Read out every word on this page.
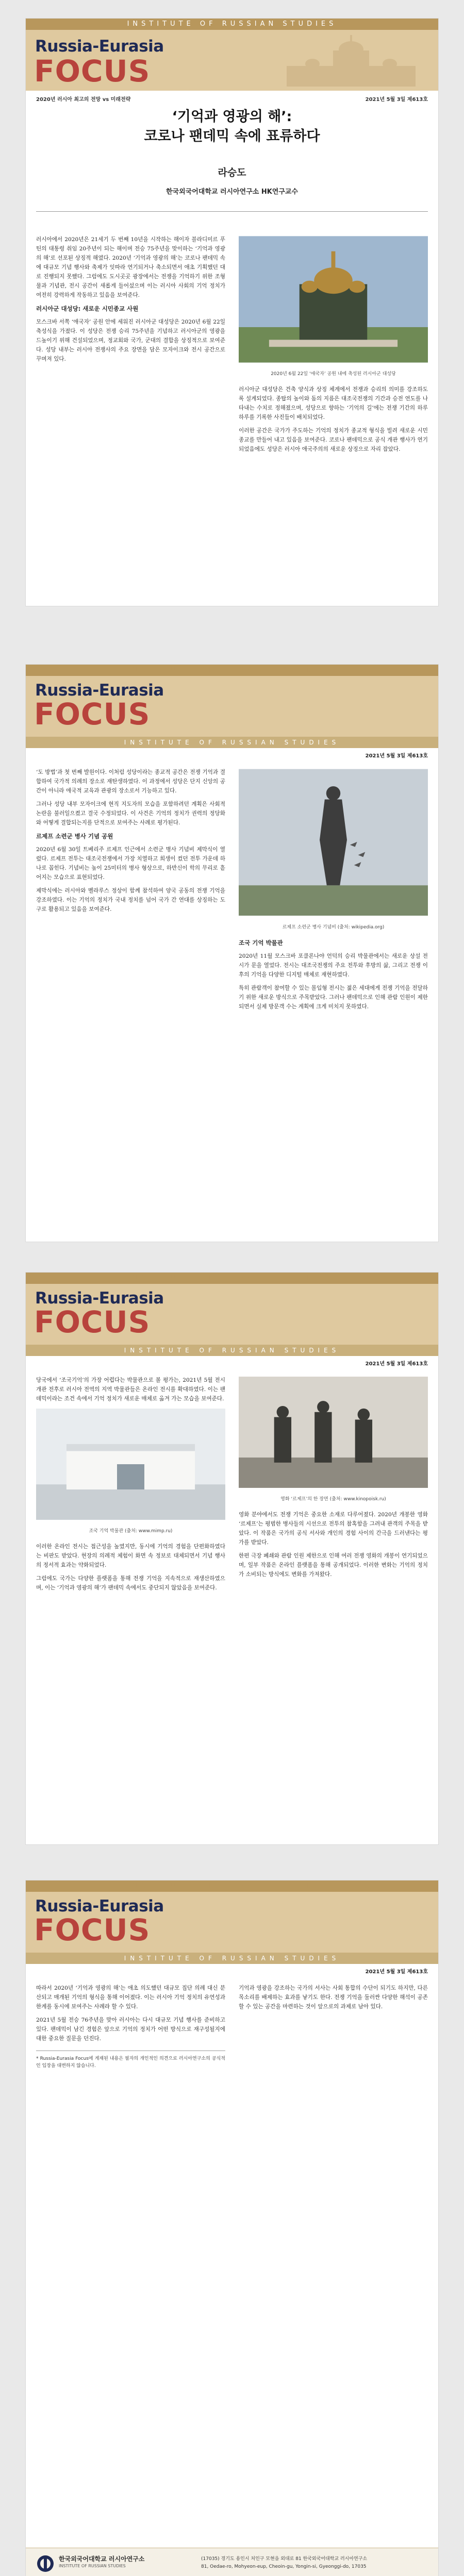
INSTITUTE OF RUSSIAN STUDIES
Russia-Eurasia
FOCUS
2020년 러시아 최고의 전망 vs 미래전략	2021년 5월 3일 제613호
‘기억과 영광의 해’:
코로나 팬데믹 속에 표류하다
라승도
한국외국어대학교 러시아연구소 HK연구교수

러시아에서 2020년은 21세기 두 번째 10년을 시작하는 해이자 블라디미르 푸틴의 대통령 취임 20주년이 되는 해이며 전승 75주년을 맞이하는 ‘기억과 영광의 해’로 선포된 상징적 해였다. 2020년 ‘기억과 영광의 해’는 코로나 팬데믹 속에 대규모 기념 행사와 축제가 잇따라 연기되거나 축소되면서 애초 기획했던 대로 진행되지 못했다. 그럼에도 도시곳곳 광장에서는 전쟁을 기억하기 위한 조형물과 기념관, 전시 공간이 새롭게 들어섰으며 이는 러시아 사회의 기억 정치가 여전히 강력하게 작동하고 있음을 보여준다.

러시아군 대성당: 새로운 시민종교 사원

모스크바 서쪽 ‘애국자’ 공원 안에 세워진 러시아군 대성당은 2020년 6월 22일 축성식을 가졌다. 이 성당은 전쟁 승리 75주년을 기념하고 러시아군의 영광을 드높이기 위해 건설되었으며, 정교회와 국가, 군대의 결합을 상징적으로 보여준다. 성당 내부는 러시아 전쟁사의 주요 장면을 담은 모자이크와 전시 공간으로 꾸며져 있다.

2020년 6월 22일 ‘애국자’ 공원 내에 축성된 러시아군 대성당

러시아군 대성당은 건축 양식과 상징 체계에서 전쟁과 승리의 의미를 강조하도록 설계되었다. 종탑의 높이와 돔의 지름은 대조국전쟁의 기간과 승전 연도를 나타내는 수치로 정해졌으며, 성당으로 향하는 ‘기억의 길’에는 전쟁 기간의 하루하루를 기록한 사진들이 배치되었다.

이러한 공간은 국가가 주도하는 기억의 정치가 종교적 형식을 빌려 새로운 시민종교를 만들어 내고 있음을 보여준다. 코로나 팬데믹으로 공식 개관 행사가 연기되었음에도 성당은 러시아 애국주의의 새로운 상징으로 자리 잡았다.

INSTITUTE OF RUSSIAN STUDIES
Russia-Eurasia
FOCUS
INSTITUTE OF RUSSIAN STUDIES
2021년 5월 3일 제613호

‘도 방법’과 첫 번째 발원이다. 이처럼 성당이라는 종교적 공간은 전쟁 기억과 결합하여 국가적 의례의 장소로 재탄생하였다. 이 과정에서 성당은 단지 신앙의 공간이 아니라 애국적 교육과 관광의 장소로서 기능하고 있다.

그러나 성당 내부 모자이크에 현직 지도자의 모습을 포함하려던 계획은 사회적 논란을 불러일으켰고 결국 수정되었다. 이 사건은 기억의 정치가 권력의 정당화와 어떻게 결합되는지를 단적으로 보여주는 사례로 평가된다.

르제프 소련군 병사 기념 공원

2020년 6월 30일 트베리주 르제프 인근에서 소련군 병사 기념비 제막식이 열렸다. 르제프 전투는 대조국전쟁에서 가장 치열하고 희생이 컸던 전투 가운데 하나로 꼽힌다. 기념비는 높이 25미터의 병사 형상으로, 하반신이 학의 무리로 흩어지는 모습으로 표현되었다.

제막식에는 러시아와 벨라루스 정상이 함께 참석하여 양국 공동의 전쟁 기억을 강조하였다. 이는 기억의 정치가 국내 정치를 넘어 국가 간 연대를 상징하는 도구로 활용되고 있음을 보여준다.

르제프 소련군 병사 기념비 (출처: wikipedia.org)
조국 기억 박물관

2020년 11월 모스크바 포클론나야 언덕의 승리 박물관에서는 새로운 상설 전시가 문을 열었다. 전시는 대조국전쟁의 주요 전투와 후방의 삶, 그리고 전쟁 이후의 기억을 다양한 디지털 매체로 재현하였다.

특히 관람객이 참여할 수 있는 몰입형 전시는 젊은 세대에게 전쟁 기억을 전달하기 위한 새로운 방식으로 주목받았다. 그러나 팬데믹으로 인해 관람 인원이 제한되면서 실제 방문객 수는 계획에 크게 미치지 못하였다.

INSTITUTE OF RUSSIAN STUDIES
Russia-Eurasia
FOCUS
INSTITUTE OF RUSSIAN STUDIES
2021년 5월 3일 제613호

당국에서 ‘조국기억’의 가장 어렵다는 박물관으로 볼 평가는, 2021년 5월 전시 개관 전후로 러시아 전역의 지역 박물관들은 온라인 전시를 확대하였다. 이는 팬데믹이라는 조건 속에서 기억 정치가 새로운 매체로 옮겨 가는 모습을 보여준다.

조국 기억 박물관 (출처: www.mimp.ru)

이러한 온라인 전시는 접근성을 높였지만, 동시에 기억의 경험을 단편화하였다는 비판도 받았다. 현장의 의례적 체험이 화면 속 정보로 대체되면서 기념 행사의 정서적 효과는 약화되었다.

그럼에도 국가는 다양한 플랫폼을 통해 전쟁 기억을 지속적으로 재생산하였으며, 이는 ‘기억과 영광의 해’가 팬데믹 속에서도 중단되지 않았음을 보여준다.

영화 ‘르제프’의 한 장면 (출처: www.kinopoisk.ru)

영화 분야에서도 전쟁 기억은 중요한 소재로 다루어졌다. 2020년 개봉한 영화 ‘르제프’는 평범한 병사들의 시선으로 전투의 참혹함을 그려내 관객의 주목을 받았다. 이 작품은 국가의 공식 서사와 개인의 경험 사이의 간극을 드러낸다는 평가를 받았다.

한편 극장 폐쇄와 관람 인원 제한으로 인해 여러 전쟁 영화의 개봉이 연기되었으며, 일부 작품은 온라인 플랫폼을 통해 공개되었다. 이러한 변화는 기억의 정치가 소비되는 방식에도 변화를 가져왔다.

INSTITUTE OF RUSSIAN STUDIES
Russia-Eurasia
FOCUS
INSTITUTE OF RUSSIAN STUDIES
2021년 5월 3일 제613호

따라서 2020년 ‘기억과 영광의 해’는 애초 의도했던 대규모 집단 의례 대신 분산되고 매개된 기억의 형식을 통해 이어졌다. 이는 러시아 기억 정치의 유연성과 한계를 동시에 보여주는 사례라 할 수 있다.

2021년 5월 전승 76주년을 맞아 러시아는 다시 대규모 기념 행사를 준비하고 있다. 팬데믹이 남긴 경험은 앞으로 기억의 정치가 어떤 방식으로 재구성될지에 대한 중요한 질문을 던진다.

* Russia-Eurasia Focus에 게재된 내용은 필자의 개인적인 의견으로 러시아연구소의 공식적인 입장을 대변하지 않습니다.

기억과 영광을 강조하는 국가의 서사는 사회 통합의 수단이 되기도 하지만, 다른 목소리를 배제하는 효과를 낳기도 한다. 전쟁 기억을 둘러싼 다양한 해석이 공존할 수 있는 공간을 마련하는 것이 앞으로의 과제로 남아 있다.

한국외국어대학교 러시아연구소
INSTITUTE OF RUSSIAN STUDIES
(17035) 경기도 용인시 처인구 모현읍 외대로 81 한국외국어대학교 러시아연구소
81, Oedae-ro, Mohyeon-eup, Cheoin-gu, Yongin-si, Gyeonggi-do, 17035
